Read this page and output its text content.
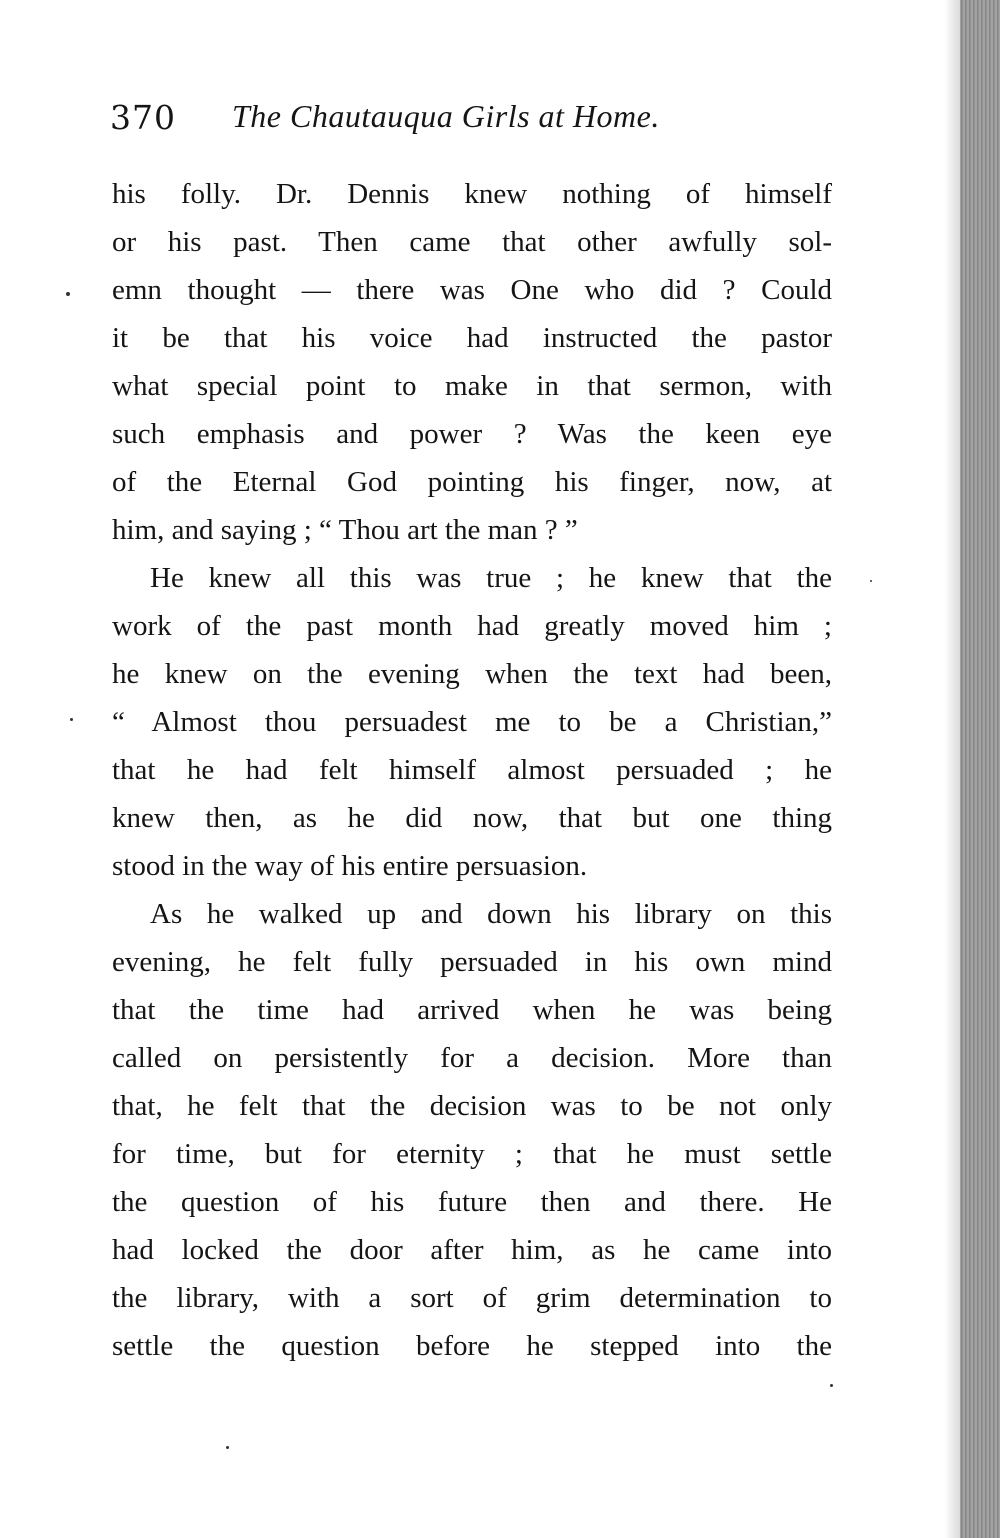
370 The Chautauqua Girls at Home.
his folly. Dr. Dennis knew nothing of himself
or his past. Then came that other awfully sol-
emn thought — there was One who did ? Could
it be that his voice had instructed the pastor
what special point to make in that sermon, with
such emphasis and power ? Was the keen eye
of the Eternal God pointing his finger, now, at
him, and saying ; “ Thou art the man ? ”
He knew all this was true ; he knew that the
work of the past month had greatly moved him ;
he knew on the evening when the text had been,
“ Almost thou persuadest me to be a Christian,”
that he had felt himself almost persuaded ; he
knew then, as he did now, that but one thing
stood in the way of his entire persuasion.
As he walked up and down his library on this
evening, he felt fully persuaded in his own mind
that the time had arrived when he was being
called on persistently for a decision. More than
that, he felt that the decision was to be not only
for time, but for eternity ; that he must settle
the question of his future then and there. He
had locked the door after him, as he came into
the library, with a sort of grim determination to
settle the question before he stepped into the
